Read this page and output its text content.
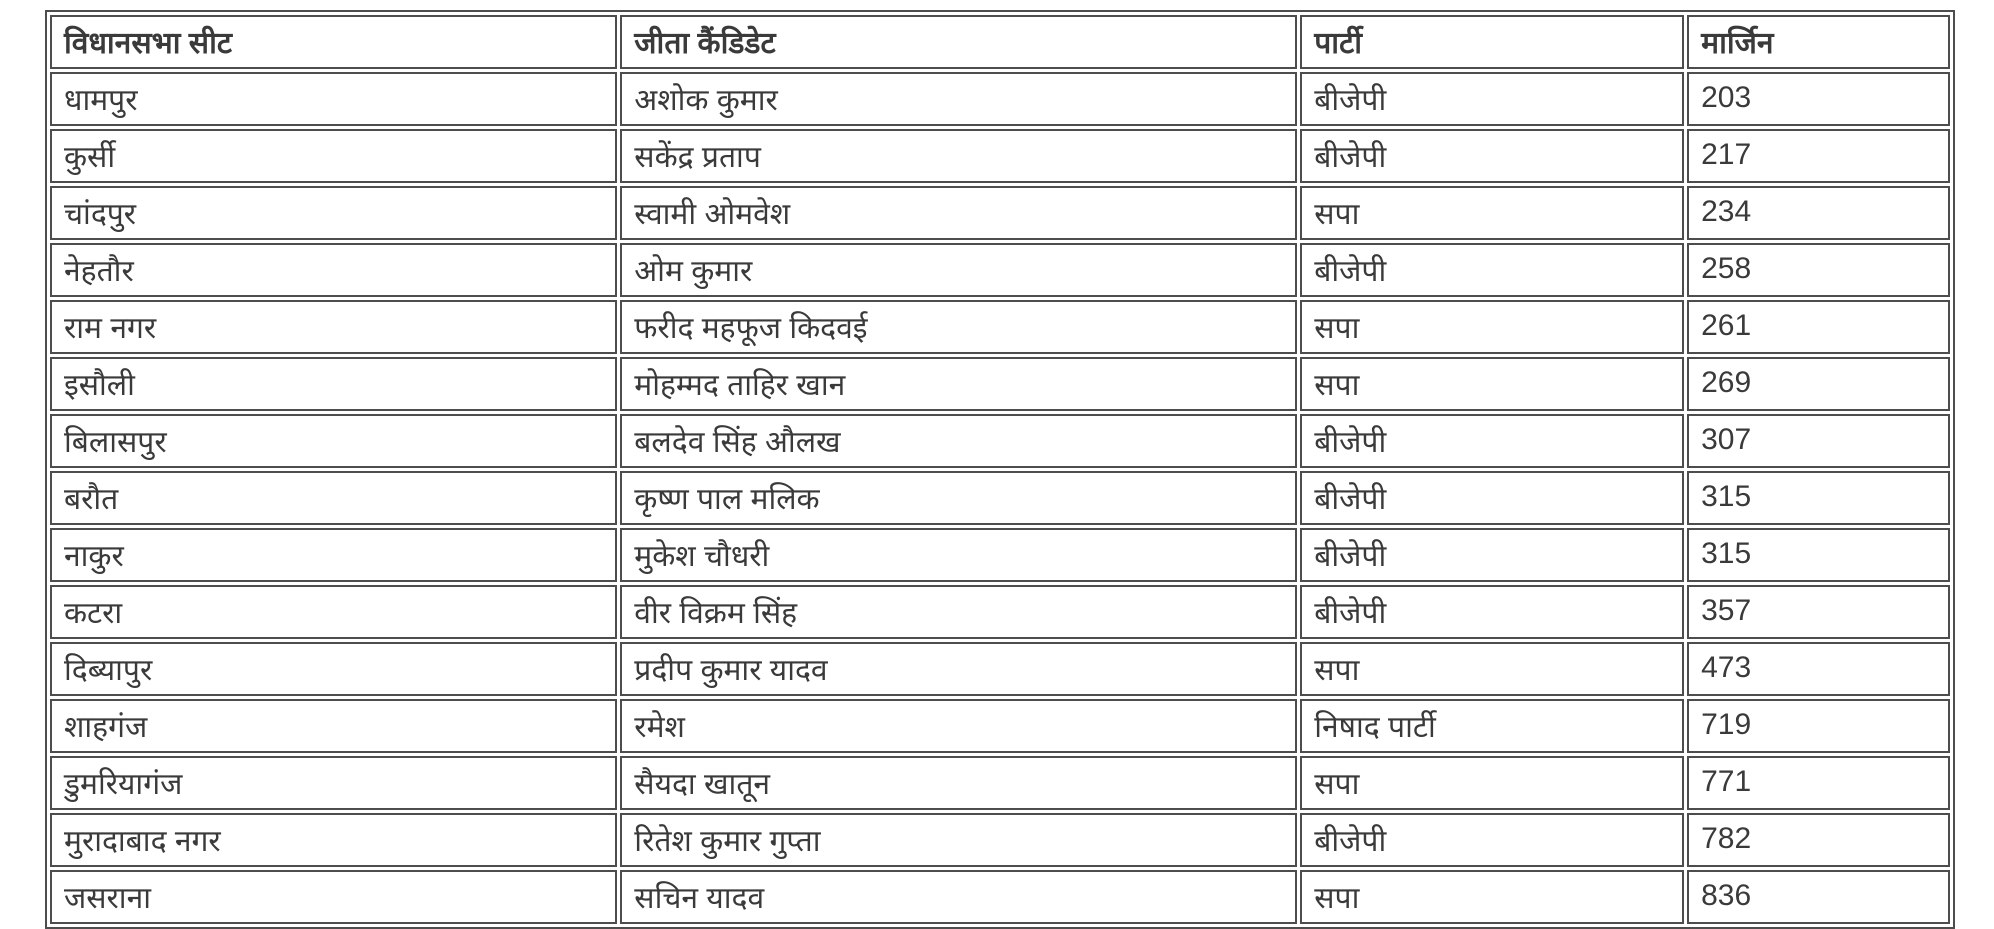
विधानसभा सीट	जीता कैंडिडेट	पार्टी	मार्जिन
धामपुर	अशोक कुमार	बीजेपी	203
कुर्सी	सकेंद्र प्रताप	बीजेपी	217
चांदपुर	स्वामी ओमवेश	सपा	234
नेहतौर	ओम कुमार	बीजेपी	258
राम नगर	फरीद महफूज किदवई	सपा	261
इसौली	मोहम्मद ताहिर खान	सपा	269
बिलासपुर	बलदेव सिंह औलख	बीजेपी	307
बरौत	कृष्ण पाल मलिक	बीजेपी	315
नाकुर	मुकेश चौधरी	बीजेपी	315
कटरा	वीर विक्रम सिंह	बीजेपी	357
दिब्यापुर	प्रदीप कुमार यादव	सपा	473
शाहगंज	रमेश	निषाद पार्टी	719
डुमरियागंज	सैयदा खातून	सपा	771
मुरादाबाद नगर	रितेश कुमार गुप्ता	बीजेपी	782
जसराना	सचिन यादव	सपा	836
